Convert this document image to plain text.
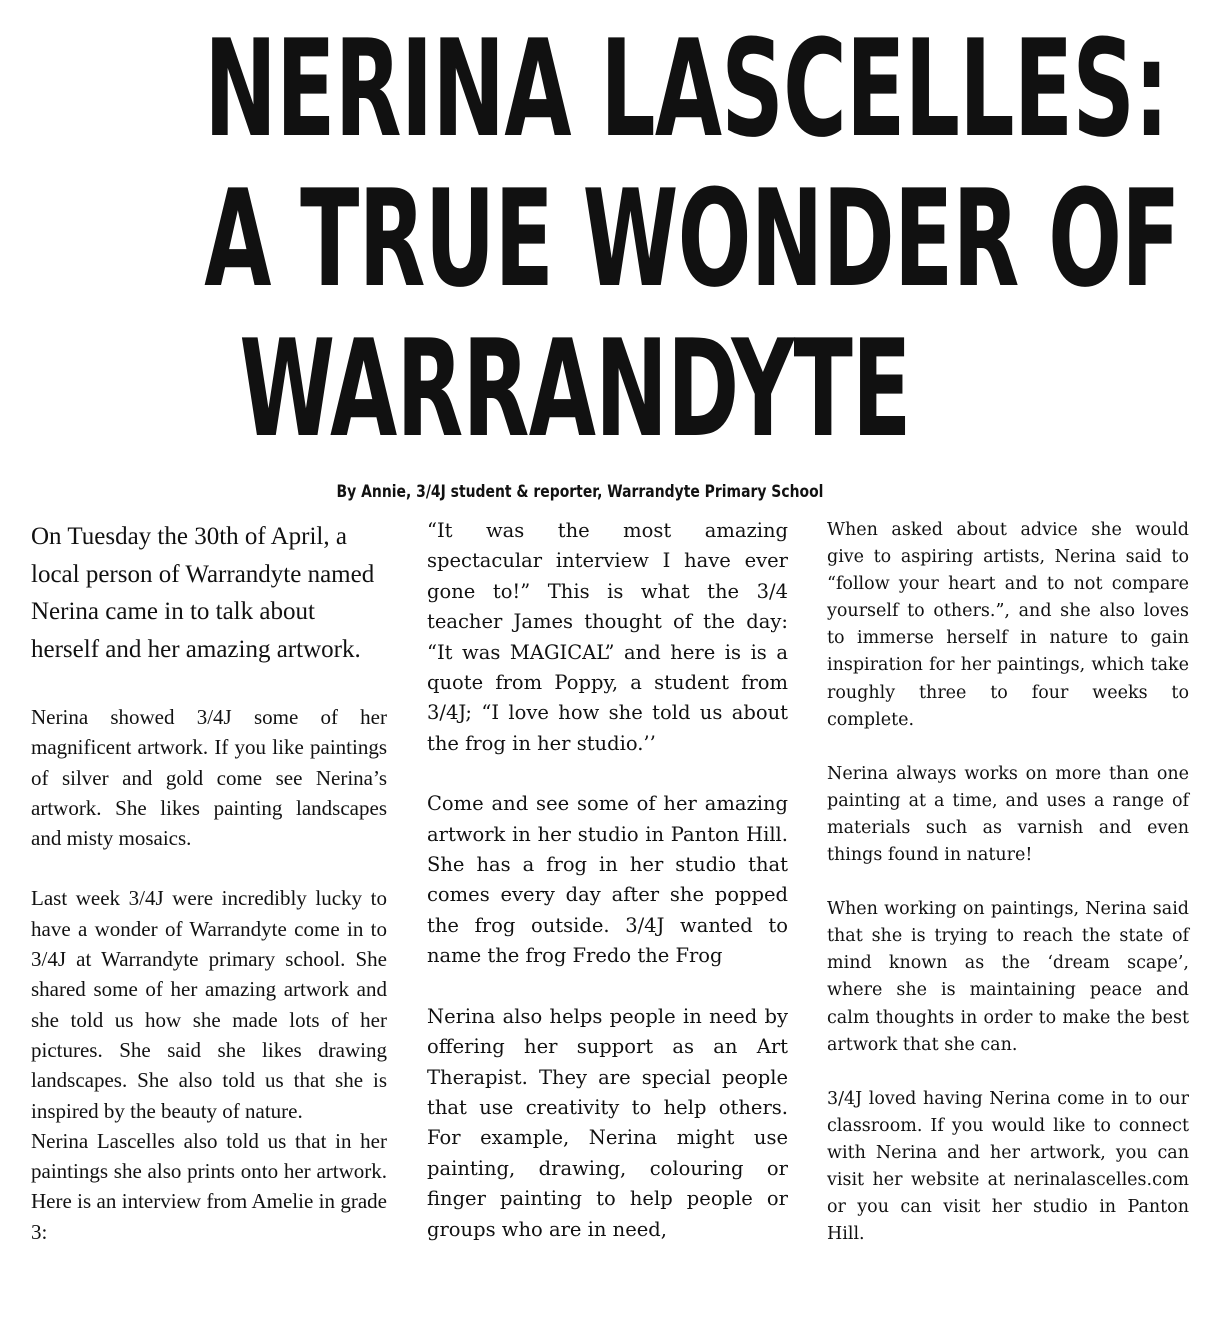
NERINA LASCELLES:
A TRUE WONDER OF
WARRANDYTE

By Annie, 3/4J student & reporter, Warrandyte Primary School

On Tuesday the 30th of April, a local person of Warrandyte named Nerina came in to talk about herself and her amazing artwork.

Nerina showed 3/4J some of her magnificent artwork. If you like paintings of silver and gold come see Nerina’s artwork. She likes painting landscapes and misty mosaics.

Last week 3/4J were incredibly lucky to have a wonder of Warrandyte come in to 3/4J at Warrandyte primary school. She shared some of her amazing artwork and she told us how she made lots of her pictures. She said she likes drawing landscapes. She also told us that she is inspired by the beauty of nature.

Nerina Lascelles also told us that in her paintings she also prints onto her artwork. Here is an interview from Amelie in grade 3:

“It was the most amazing spectacular interview I have ever gone to!” This is what the 3/4 teacher James thought of the day: “It was MAGICAL” and here is is a quote from Poppy, a student from 3/4J; “I love how she told us about the frog in her studio.’’

Come and see some of her amazing artwork in her studio in Panton Hill. She has a frog in her studio that comes every day after she popped the frog outside. 3/4J wanted to name the frog Fredo the Frog

Nerina also helps people in need by offering her support as an Art Therapist. They are special people that use creativity to help others. For example, Nerina might use painting, drawing, colouring or finger painting to help people or groups who are in need,

When asked about advice she would give to aspiring artists, Nerina said to “follow your heart and to not compare yourself to others.”, and she also loves to immerse herself in nature to gain inspiration for her paintings, which take roughly three to four weeks to complete.

Nerina always works on more than one painting at a time, and uses a range of materials such as varnish and even things found in nature!

When working on paintings, Nerina said that she is trying to reach the state of mind known as the ‘dream scape’, where she is maintaining peace and calm thoughts in order to make the best artwork that she can.

3/4J loved having Nerina come in to our classroom. If you would like to connect with Nerina and her artwork, you can visit her website at nerinalascelles.com or you can visit her studio in Panton Hill.
